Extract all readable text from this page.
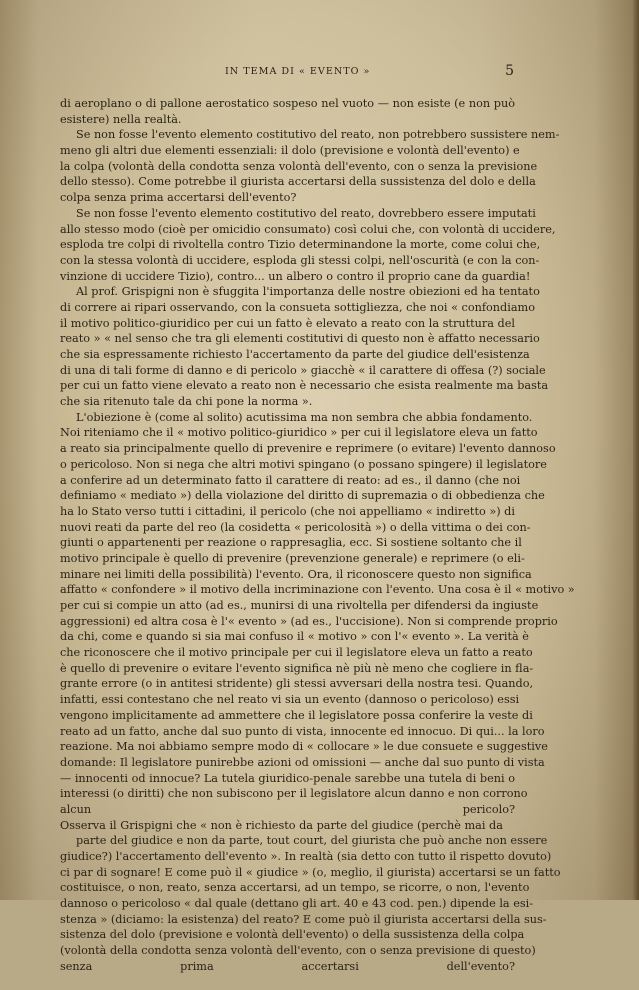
IN TEMA DI « EVENTO »	5
di aeroplano o di pallone aerostatico sospeso nel vuoto — non esiste (e non può
esistere) nella realtà.
Se non fosse l'evento elemento costitutivo del reato, non potrebbero sussistere nem-
meno gli altri due elementi essenziali: il dolo (previsione e volontà dell'evento) e
la colpa (volontà della condotta senza volontà dell'evento, con o senza la previsione
dello stesso). Come potrebbe il giurista accertarsi della sussistenza del dolo e della
colpa senza prima accertarsi dell'evento?
Se non fosse l'evento elemento costitutivo del reato, dovrebbero essere imputati
allo stesso modo (cioè per omicidio consumato) così colui che, con volontà di uccidere,
esploda tre colpi di rivoltella contro Tizio determinandone la morte, come colui che,
con la stessa volontà di uccidere, esploda gli stessi colpi, nell'oscurità (e con la con-
vinzione di uccidere Tizio), contro... un albero o contro il proprio cane da guardia!
Al prof. Grispigni non è sfuggita l'importanza delle nostre obiezioni ed ha tentato
di correre ai ripari osservando, con la consueta sottigliezza, che noi « confondiamo
il motivo politico-giuridico per cui un fatto è elevato a reato con la struttura del
reato » « nel senso che tra gli elementi costitutivi di questo non è affatto necessario
che sia espressamente richiesto l'accertamento da parte del giudice dell'esistenza
di una di tali forme di danno e di pericolo » giacchè « il carattere di offesa (?) sociale
per cui un fatto viene elevato a reato non è necessario che esista realmente ma basta
che sia ritenuto tale da chi pone la norma ».
L'obiezione è (come al solito) acutissima ma non sembra che abbia fondamento.
Noi riteniamo che il « motivo politico-giuridico » per cui il legislatore eleva un fatto
a reato sia principalmente quello di prevenire e reprimere (o evitare) l'evento dannoso
o pericoloso. Non si nega che altri motivi spingano (o possano spingere) il legislatore
a conferire ad un determinato fatto il carattere di reato: ad es., il danno (che noi
definiamo « mediato ») della violazione del diritto di supremazia o di obbedienza che
ha lo Stato verso tutti i cittadini, il pericolo (che noi appelliamo « indiretto ») di
nuovi reati da parte del reo (la cosidetta « pericolosità ») o della vittima o dei con-
giunti o appartenenti per reazione o rappresaglia, ecc. Si sostiene soltanto che il
motivo principale è quello di prevenire (prevenzione generale) e reprimere (o eli-
minare nei limiti della possibilità) l'evento. Ora, il riconoscere questo non significa
affatto « confondere » il motivo della incriminazione con l'evento. Una cosa è il « motivo »
per cui si compie un atto (ad es., munirsi di una rivoltella per difendersi da ingiuste
aggressioni) ed altra cosa è l'« evento » (ad es., l'uccisione). Non si comprende proprio
da chi, come e quando si sia mai confuso il « motivo » con l'« evento ». La verità è
che riconoscere che il motivo principale per cui il legislatore eleva un fatto a reato
è quello di prevenire o evitare l'evento significa nè più nè meno che cogliere in fla-
grante errore (o in antitesi stridente) gli stessi avversari della nostra tesi. Quando,
infatti, essi contestano che nel reato vi sia un evento (dannoso o pericoloso) essi
vengono implicitamente ad ammettere che il legislatore possa conferire la veste di
reato ad un fatto, anche dal suo punto di vista, innocente ed innocuo. Di qui... la loro
reazione. Ma noi abbiamo sempre modo di « collocare » le due consuete e suggestive
domande: Il legislatore punirebbe azioni od omissioni — anche dal suo punto di vista
— innocenti od innocue? La tutela giuridico-penale sarebbe una tutela di beni o
interessi (o diritti) che non subiscono per il legislatore alcun danno e non corrono
alcun pericolo?
Osserva il Grispigni che « non è richiesto da parte del giudice (perchè mai da
parte del giudice e non da parte, tout court, del giurista che può anche non essere
giudice?) l'accertamento dell'evento ». In realtà (sia detto con tutto il rispetto dovuto)
ci par di sognare! E come può il « giudice » (o, meglio, il giurista) accertarsi se un fatto
costituisce, o non, reato, senza accertarsi, ad un tempo, se ricorre, o non, l'evento
dannoso o pericoloso « dal quale (dettano gli art. 40 e 43 cod. pen.) dipende la esi-
stenza » (diciamo: la esistenza) del reato? E come può il giurista accertarsi della sus-
sistenza del dolo (previsione e volontà dell'evento) o della sussistenza della colpa
(volontà della condotta senza volontà dell'evento, con o senza previsione di questo)
senza prima accertarsi dell'evento?
